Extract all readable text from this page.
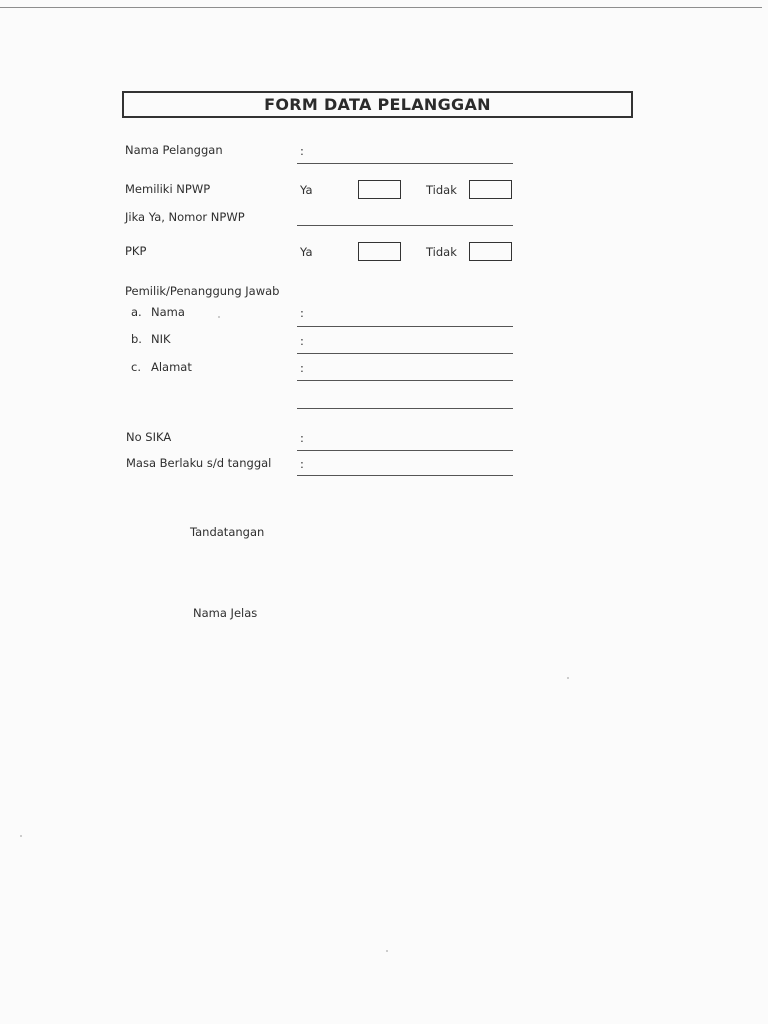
FORM DATA PELANGGAN
Nama Pelanggan	:
Memiliki NPWP	Ya	Tidak
Jika Ya, Nomor NPWP
PKP	Ya	Tidak
Pemilik/Penanggung Jawab
a. Nama	:
b. NIK	:
c. Alamat	:
No SIKA	:
Masa Berlaku s/d tanggal :
Tandatangan
Nama Jelas
